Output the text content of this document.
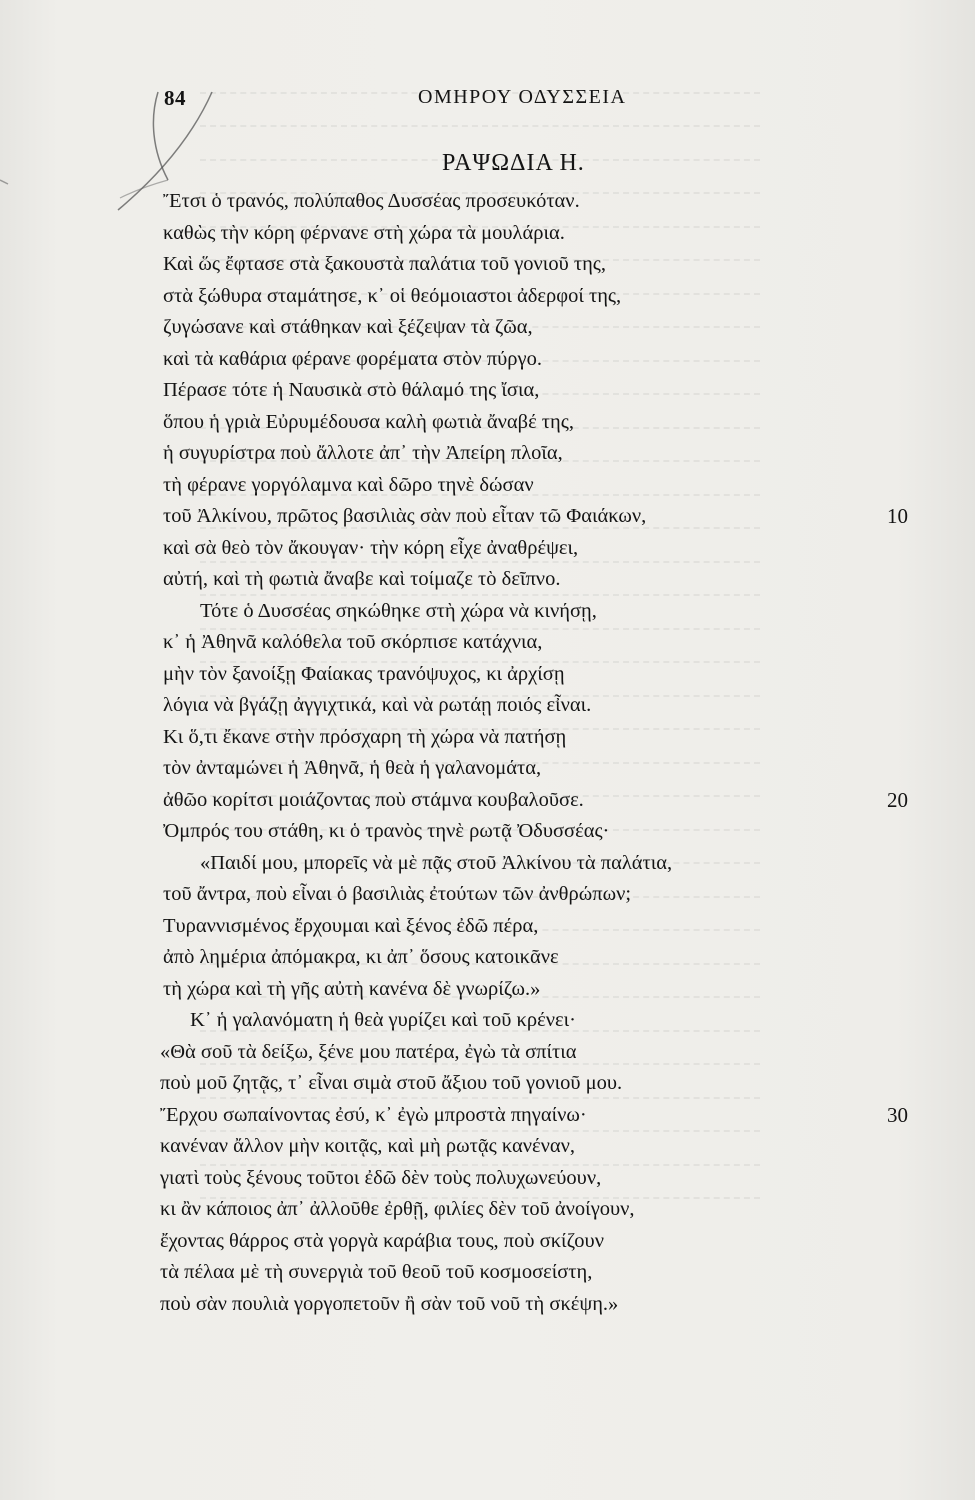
84	ΟΜΗΡΟΥ ΟΔΥΣΣΕΙΑ
ΡΑΨΩΔΙΑ Η.
Ἔτσι ὁ τρανός, πολύπαθος Δυσσέας προσευκόταν.
καθὼς τὴν κόρη φέρνανε στὴ χώρα τὰ μουλάρια.
Καὶ ὥς ἔφτασε στὰ ξακουστὰ παλάτια τοῦ γονιοῦ της,
στὰ ξώθυρα σταμάτησε, κ᾽ οἱ θεόμοιαστοι ἀδερφοί της,
ζυγώσανε καὶ στάθηκαν καὶ ξέζεψαν τὰ ζῶα,
καὶ τὰ καθάρια φέρανε φορέματα στὸν πύργο.
Πέρασε τότε ἡ Ναυσικὰ στὸ θάλαμό της ἴσια,
ὅπου ἡ γριὰ Εὐρυμέδουσα καλὴ φωτιὰ ἄναβέ της,
ἡ συγυρίστρα ποὺ ἄλλοτε ἀπ᾽ τὴν Ἀπείρη πλοῖα,
τὴ φέρανε γοργόλαμνα καὶ δῶρο τηνὲ δώσαν
τοῦ Ἀλκίνου, πρῶτος βασιλιὰς σὰν ποὺ εἶταν τῶ Φαιάκων,	10
καὶ σὰ θεὸ τὸν ἄκουγαν· τὴν κόρη εἶχε ἀναθρέψει,
αὐτή, καὶ τὴ φωτιὰ ἄναβε καὶ τοίμαζε τὸ δεῖπνο.
Τότε ὁ Δυσσέας σηκώθηκε στὴ χώρα νὰ κινήσῃ,
κ᾽ ἡ Ἀθηνᾶ καλόθελα τοῦ σκόρπισε κατάχνια,
μὴν τὸν ξανοίξῃ Φαίακας τρανόψυχος, κι ἀρχίσῃ
λόγια νὰ βγάζῃ ἀγγιχτικά, καὶ νὰ ρωτάῃ ποιός εἶναι.
Κι ὅ,τι ἔκανε στὴν πρόσχαρη τὴ χώρα νὰ πατήσῃ
τὸν ἀνταμώνει ἡ Ἀθηνᾶ, ἡ θεὰ ἡ γαλανομάτα,
ἀθῶο κορίτσι μοιάζοντας ποὺ στάμνα κουβαλοῦσε.	20
Ὀμπρός του στάθη, κι ὁ τρανὸς τηνὲ ρωτᾷ Ὀδυσσέας·
«Παιδί μου, μπορεῖς νὰ μὲ πᾷς στοῦ Ἀλκίνου τὰ παλάτια,
τοῦ ἄντρα, ποὺ εἶναι ὁ βασιλιὰς ἐτούτων τῶν ἀνθρώπων;
Τυραννισμένος ἔρχουμαι καὶ ξένος ἐδῶ πέρα,
ἀπὸ λημέρια ἀπόμακρα, κι ἀπ᾽ ὅσους κατοικᾶνε
τὴ χώρα καὶ τὴ γῆς αὐτὴ κανένα δὲ γνωρίζω.»
Κ᾽ ἡ γαλανόματη ἡ θεὰ γυρίζει καὶ τοῦ κρένει·
«Θὰ σοῦ τὰ δείξω, ξένε μου πατέρα, ἐγὼ τὰ σπίτια
ποὺ μοῦ ζητᾷς, τ᾽ εἶναι σιμὰ στοῦ ἄξιου τοῦ γονιοῦ μου.
Ἔρχου σωπαίνοντας ἐσύ, κ᾽ ἐγὼ μπροστὰ πηγαίνω·	30
κανέναν ἄλλον μὴν κοιτᾷς, καὶ μὴ ρωτᾷς κανέναν,
γιατὶ τοὺς ξένους τοῦτοι ἐδῶ δὲν τοὺς πολυχωνεύουν,
κι ἂν κάποιος ἀπ᾽ ἀλλοῦθε ἐρθῇ, φιλίες δὲν τοῦ ἀνοίγουν,
ἔχοντας θάρρος στὰ γοργὰ καράβια τους, ποὺ σκίζουν
τὰ πέλαα μὲ τὴ συνεργιὰ τοῦ θεοῦ τοῦ κοσμοσείστη,
ποὺ σὰν πουλιὰ γοργοπετοῦν ἢ σὰν τοῦ νοῦ τὴ σκέψη.»
